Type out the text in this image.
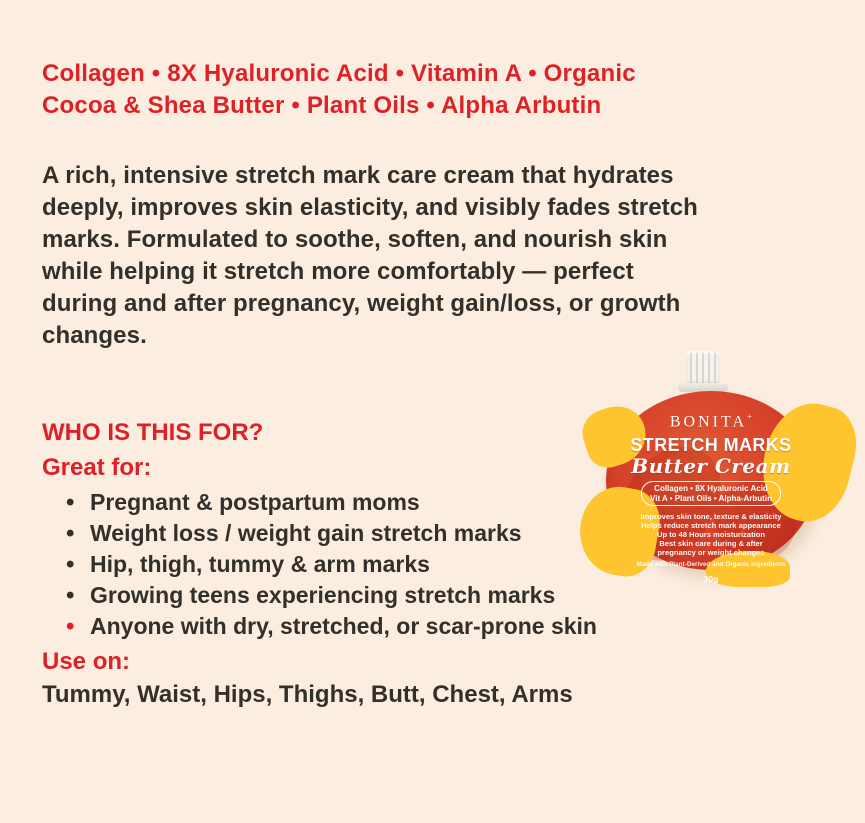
Collagen • 8X Hyaluronic Acid • Vitamin A • Organic Cocoa & Shea Butter • Plant Oils • Alpha Arbutin

A rich, intensive stretch mark care cream that hydrates deeply, improves skin elasticity, and visibly fades stretch marks. Formulated to soothe, soften, and nourish skin while helping it stretch more comfortably — perfect during and after pregnancy, weight gain/loss, or growth changes.

WHO IS THIS FOR?
Great for:
• Pregnant & postpartum moms
• Weight loss / weight gain stretch marks
• Hip, thigh, tummy & arm marks
• Growing teens experiencing stretch marks
• Anyone with dry, stretched, or scar-prone skin
Use on:

Tummy, Waist, Hips, Thighs, Butt, Chest, Arms

BONITA+
STRETCH MARKS
Butter Cream
Collagen • 8X Hyaluronic Acid
Vit A • Plant Oils • Alpha-Arbutin
Improves skin tone, texture & elasticity
Helps reduce stretch mark appearance
Up to 48 Hours moisturization
Best skin care during & after
pregnancy or weight changes
Made with Plant-Derived and Organic Ingredients
30g
